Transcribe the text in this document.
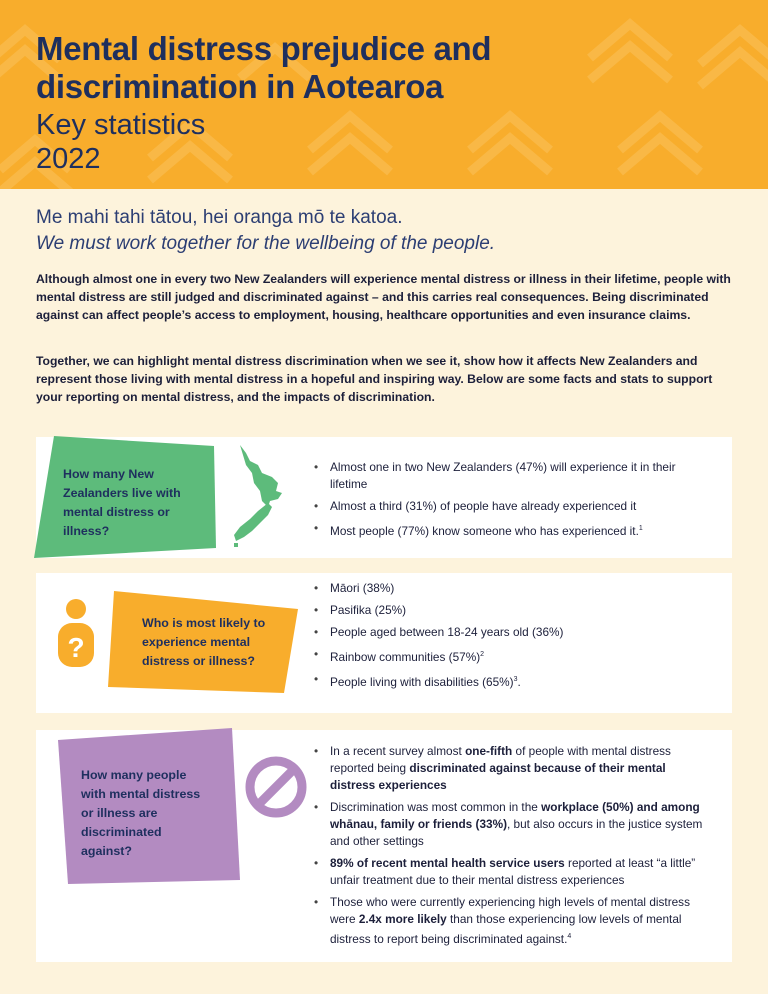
Mental distress prejudice and
discrimination in Aotearoa
Key statistics
2022
Me mahi tahi tātou, hei oranga mō te katoa.
We must work together for the wellbeing of the people.

Although almost one in every two New Zealanders will experience mental distress or illness in their lifetime, people with mental distress are still judged and discriminated against – and this carries real consequences. Being discriminated against can affect people’s access to employment, housing, healthcare opportunities and even insurance claims.

Together, we can highlight mental distress discrimination when we see it, show how it affects New Zealanders and represent those living with mental distress in a hopeful and inspiring way. Below are some facts and stats to support your reporting on mental distress, and the impacts of discrimination.

How many New Zealanders live with mental distress or illness?
• Almost one in two New Zealanders (47%) will experience it in their lifetime
• Almost a third (31%) of people have already experienced it
• Most people (77%) know someone who has experienced it.$^1$
?
Who is most likely to experience mental distress or illness?
• Māori (38%)
• Pasifika (25%)
• People aged between 18-24 years old (36%)
• Rainbow communities $(57\%)^2$
• People living with disabilities $(65\%)^3$.
How many people with mental distress or illness are discriminated against?
• In a recent survey almost one-fifth of people with mental distress reported being discriminated against because of their mental distress experiences
• Discrimination was most common in the workplace (50%) and among whānau, family or friends (33%), but also occurs in the justice system and other settings
• 89% of recent mental health service users reported at least “a little” unfair treatment due to their mental distress experiences
• Those who were currently experiencing high levels of mental distress were 2.4x more likely than those experiencing low levels of mental distress to report being discriminated against.$^4$
